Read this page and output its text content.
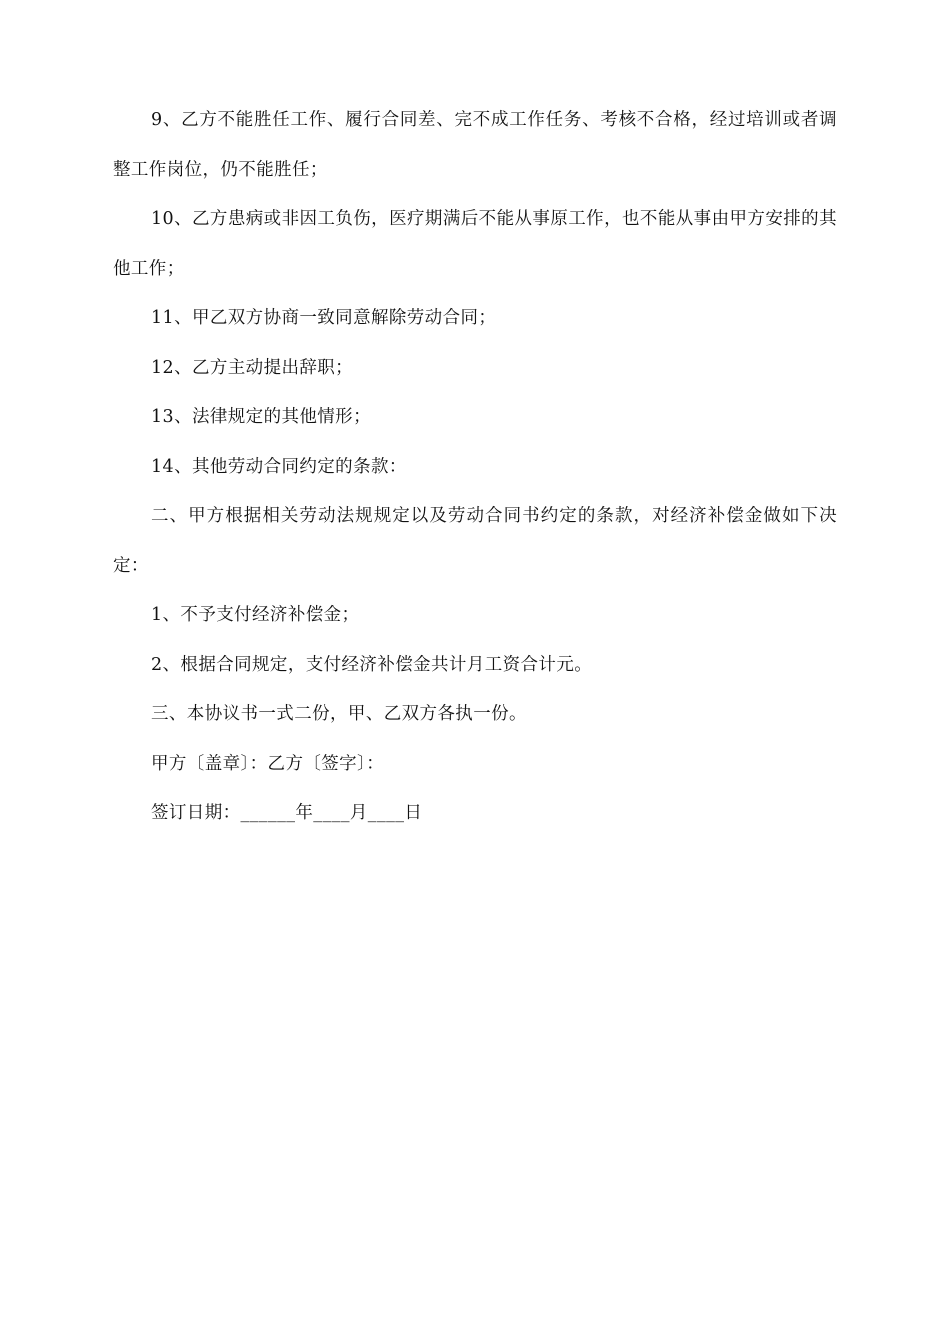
9、乙方不能胜任工作、履行合同差、完不成工作任务、考核不合格，经过培训或者调整工作岗位，仍不能胜任；

10、乙方患病或非因工负伤，医疗期满后不能从事原工作，也不能从事由甲方安排的其他工作；

11、甲乙双方协商一致同意解除劳动合同；

12、乙方主动提出辞职；

13、法律规定的其他情形；

14、其他劳动合同约定的条款：

二、甲方根据相关劳动法规规定以及劳动合同书约定的条款，对经济补偿金做如下决定：

1、不予支付经济补偿金；

2、根据合同规定，支付经济补偿金共计月工资合计元。

三、本协议书一式二份，甲、乙双方各执一份。

甲方〔盖章〕：乙方〔签字〕：

签订日期：______年____月____日
